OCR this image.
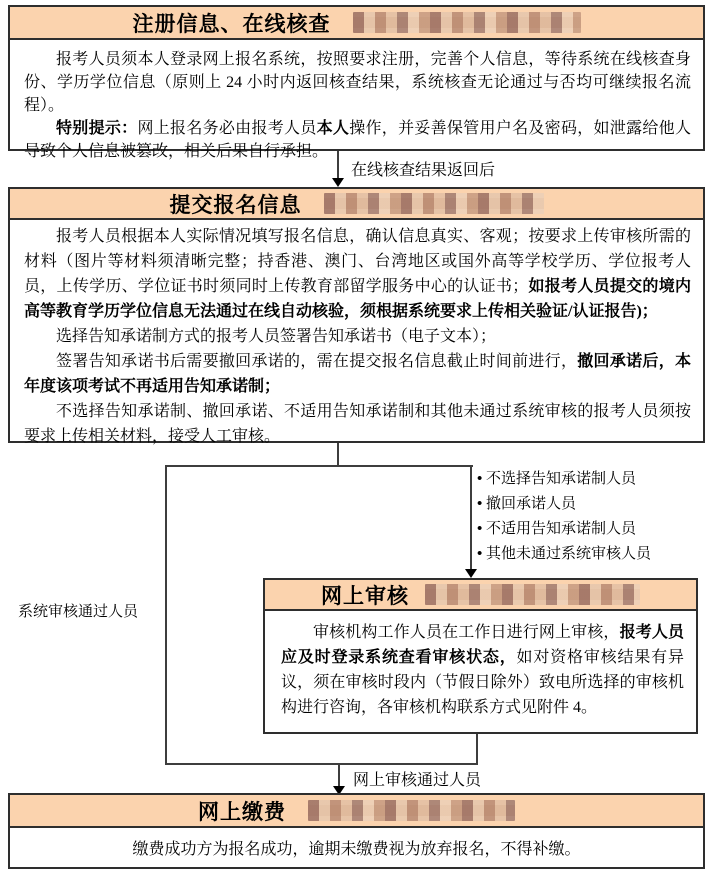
注册信息、在线核查

报考人员须本人登录网上报名系统，按照要求注册，完善个人信息，等待系统在线核查身份、学历学位信息（原则上 24 小时内返回核查结果，系统核查无论通过与否均可继续报名流程）。

特别提示：网上报名务必由报考人员本人操作，并妥善保管用户名及密码，如泄露给他人导致个人信息被篡改，相关后果自行承担。

在线核查结果返回后
提交报名信息

报考人员根据本人实际情况填写报名信息，确认信息真实、客观；按要求上传审核所需的材料（图片等材料须清晰完整；持香港、澳门、台湾地区或国外高等学校学历、学位报考人员，上传学历、学位证书时须同时上传教育部留学服务中心的认证书；如报考人员提交的境内高等教育学历学位信息无法通过在线自动核验，须根据系统要求上传相关验证/认证报告)；

选择告知承诺制方式的报考人员签署告知承诺书（电子文本）；

签署告知承诺书后需要撤回承诺的，需在提交报名信息截止时间前进行，撤回承诺后，本年度该项考试不再适用告知承诺制；

不选择告知承诺制、撤回承诺、不适用告知承诺制和其他未通过系统审核的报考人员须按要求上传相关材料，接受人工审核。

系统审核通过人员
• 不选择告知承诺制人员
• 撤回承诺人员
• 不适用告知承诺制人员
• 其他未通过系统审核人员
网上审核

审核机构工作人员在工作日进行网上审核，报考人员应及时登录系统查看审核状态，如对资格审核结果有异议，须在审核时段内（节假日除外）致电所选择的审核机构进行咨询，各审核机构联系方式见附件 4。

网上审核通过人员
网上缴费
缴费成功方为报名成功，逾期未缴费视为放弃报名，不得补缴。
